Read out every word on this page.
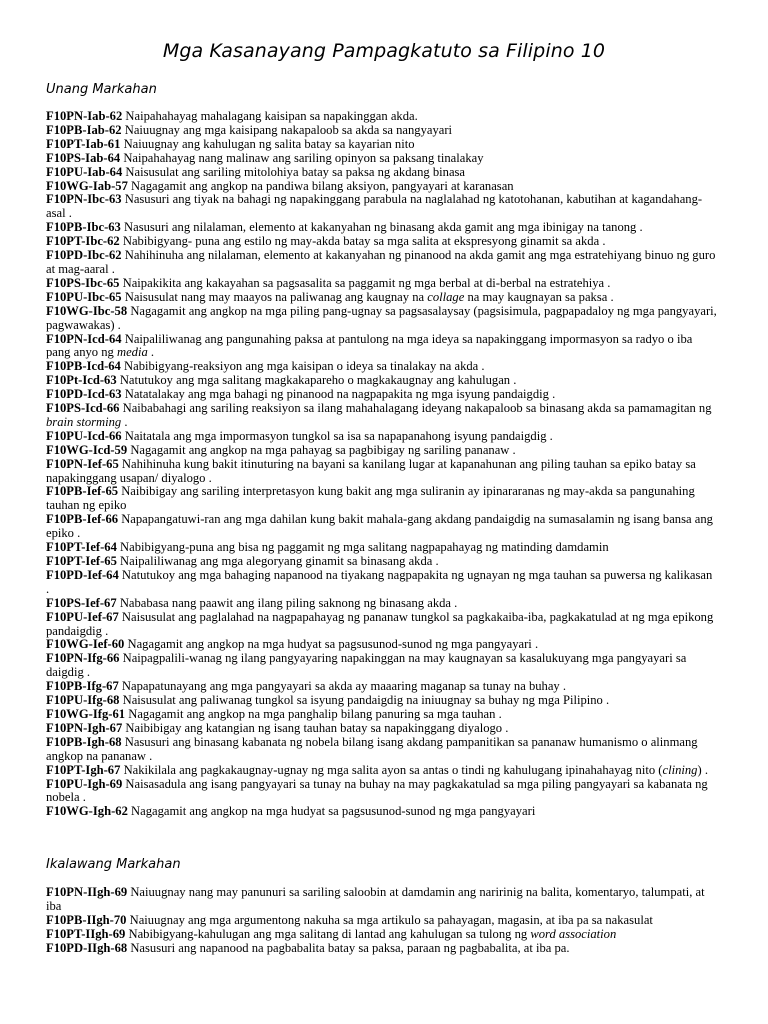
Mga Kasanayang Pampagkatuto sa Filipino 10
Unang Markahan

F10PN-Iab-62 Naipahahayag mahalagang kaisipan sa napakinggan akda.

F10PB-Iab-62 Naiuugnay ang mga kaisipang nakapaloob sa akda sa nangyayari

F10PT-Iab-61 Naiuugnay ang kahulugan ng salita batay sa kayarian nito

F10PS-Iab-64 Naipahahayag nang malinaw ang sariling opinyon sa paksang tinalakay

F10PU-Iab-64 Naisusulat ang sariling mitolohiya batay sa paksa ng akdang binasa

F10WG-Iab-57 Nagagamit ang angkop na pandiwa bilang aksiyon, pangyayari at karanasan

F10PN-Ibc-63 Nasusuri ang tiyak na bahagi ng napakinggang parabula na naglalahad ng katotohanan, kabutihan at kagandahang-asal .

F10PB-Ibc-63 Nasusuri ang nilalaman, elemento at kakanyahan ng binasang akda gamit ang mga ibinigay na tanong .

F10PT-Ibc-62 Nabibigyang- puna ang estilo ng may-akda batay sa mga salita at ekspresyong ginamit sa akda .

F10PD-Ibc-62 Nahihinuha ang nilalaman, elemento at kakanyahan ng pinanood na akda gamit ang mga estratehiyang binuo ng guro at mag-aaral .

F10PS-Ibc-65 Naipakikita ang kakayahan sa pagsasalita sa paggamit ng mga berbal at di-berbal na estratehiya .

F10PU-Ibc-65 Naisusulat nang may maayos na paliwanag ang kaugnay na collage na may kaugnayan sa paksa .

F10WG-Ibc-58 Nagagamit ang angkop na mga piling pang-ugnay sa pagsasalaysay (pagsisimula, pagpapadaloy ng mga pangyayari, pagwawakas) .

F10PN-Icd-64 Naipaliliwanag ang pangunahing paksa at pantulong na mga ideya sa napakinggang impormasyon sa radyo o iba pang anyo ng media .

F10PB-Icd-64 Nabibigyang-reaksiyon ang mga kaisipan o ideya sa tinalakay na akda .

F10Pt-Icd-63 Natutukoy ang mga salitang magkakapareho o magkakaugnay ang kahulugan .

F10PD-Icd-63 Natatalakay ang mga bahagi ng pinanood na nagpapakita ng mga isyung pandaigdig .

F10PS-Icd-66 Naibabahagi ang sariling reaksiyon sa ilang mahahalagang ideyang nakapaloob sa binasang akda sa pamamagitan ng brain storming .

F10PU-Icd-66 Naitatala ang mga impormasyon tungkol sa isa sa napapanahong isyung pandaigdig .

F10WG-Icd-59 Nagagamit ang angkop na mga pahayag sa pagbibigay ng sariling pananaw .

F10PN-Ief-65 Nahihinuha kung bakit itinuturing na bayani sa kanilang lugar at kapanahunan ang piling tauhan sa epiko batay sa napakinggang usapan/ diyalogo .

F10PB-Ief-65 Naibibigay ang sariling interpretasyon kung bakit ang mga suliranin ay ipinararanas ng may-akda sa pangunahing tauhan ng epiko

F10PB-Ief-66 Napapangatuwi-ran ang mga dahilan kung bakit mahala-gang akdang pandaigdig na sumasalamin ng isang bansa ang epiko .

F10PT-Ief-64 Nabibigyang-puna ang bisa ng paggamit ng mga salitang nagpapahayag ng matinding damdamin

F10PT-Ief-65 Naipaliliwanag ang mga alegoryang ginamit sa binasang akda .

F10PD-Ief-64 Natutukoy ang mga bahaging napanood na tiyakang nagpapakita ng ugnayan ng mga tauhan sa puwersa ng kalikasan .

F10PS-Ief-67 Nababasa nang paawit ang ilang piling saknong ng binasang akda .

F10PU-Ief-67 Naisusulat ang paglalahad na nagpapahayag ng pananaw tungkol sa pagkakaiba-iba, pagkakatulad at ng mga epikong pandaigdig .

F10WG-Ief-60 Nagagamit ang angkop na mga hudyat sa pagsusunod-sunod ng mga pangyayari .

F10PN-Ifg-66 Naipagpalili-wanag ng ilang pangyayaring napakinggan na may kaugnayan sa kasalukuyang mga pangyayari sa daigdig .

F10PB-Ifg-67 Napapatunayang ang mga pangyayari sa akda ay maaaring maganap sa tunay na buhay .

F10PU-Ifg-68 Naisusulat ang paliwanag tungkol sa isyung pandaigdig na iniuugnay sa buhay ng mga Pilipino .

F10WG-Ifg-61 Nagagamit ang angkop na mga panghalip bilang panuring sa mga tauhan .

F10PN-Igh-67 Naibibigay ang katangian ng isang tauhan batay sa napakinggang diyalogo .

F10PB-Igh-68 Nasusuri ang binasang kabanata ng nobela bilang isang akdang pampanitikan sa pananaw humanismo o alinmang angkop na pananaw .

F10PT-Igh-67 Nakikilala ang pagkakaugnay-ugnay ng mga salita ayon sa antas o tindi ng kahulugang ipinahahayag nito (clining) .

F10PU-Igh-69 Naisasadula ang isang pangyayari sa tunay na buhay na may pagkakatulad sa mga piling pangyayari sa kabanata ng nobela .

F10WG-Igh-62 Nagagamit ang angkop na mga hudyat sa pagsusunod-sunod ng mga pangyayari

Ikalawang Markahan

F10PN-IIgh-69 Naiuugnay nang may panunuri sa sariling saloobin at damdamin ang naririnig na balita, komentaryo, talumpati, at iba

F10PB-IIgh-70 Naiuugnay ang mga argumentong nakuha sa mga artikulo sa pahayagan, magasin, at iba pa sa nakasulat

F10PT-IIgh-69 Nabibigyang-kahulugan ang mga salitang di lantad ang kahulugan sa tulong ng word association

F10PD-IIgh-68 Nasusuri ang napanood na pagbabalita batay sa paksa, paraan ng pagbabalita, at iba pa.
